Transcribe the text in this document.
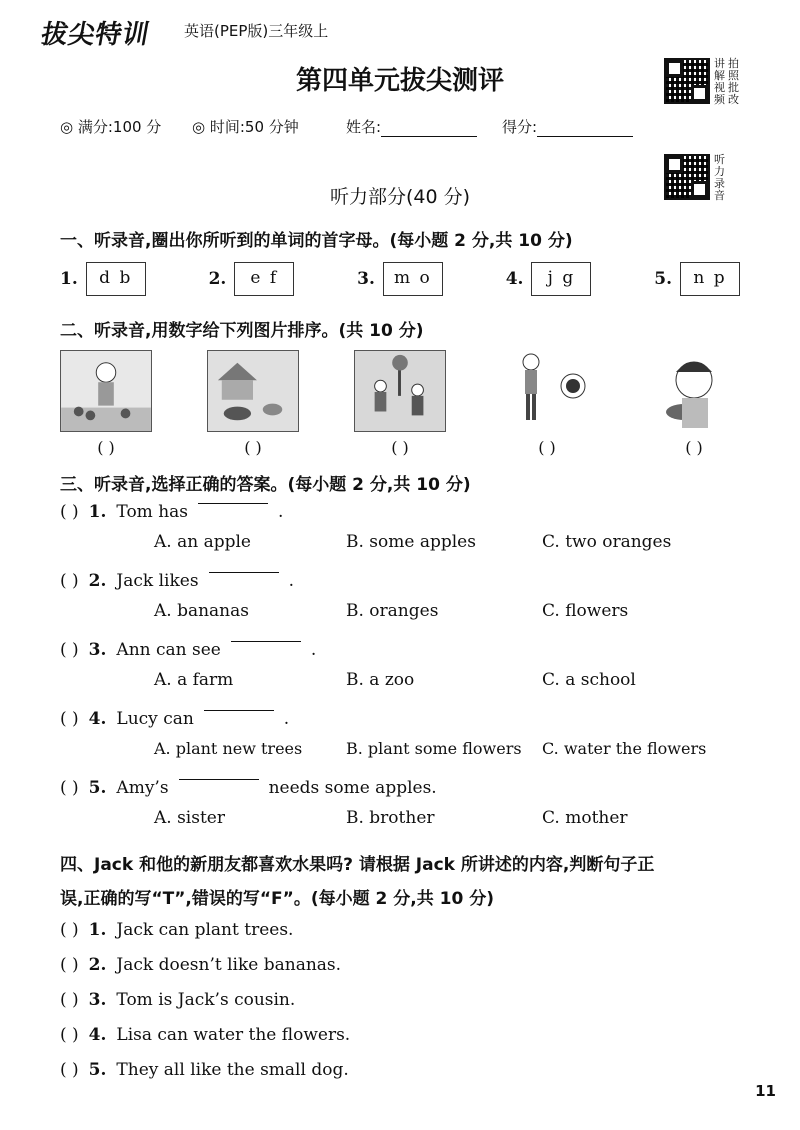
拔尖特训 英语(PEP版)三年级上
讲
解
视
频
拍
照
批
改
第四单元拔尖测评
◎ 满分:100 分 ◎ 时间:50 分钟	姓名:	得分:
听
力
录
音
听力部分(40 分)
一、听录音,圈出你所听到的单词的首字母。(每小题 2 分,共 10 分)
1.	d b	2.	e f	3.	m o	4.	j g	5.	n p
二、听录音,用数字给下列图片排序。(共 10 分)
( )	( )	( )	( )	( )
三、听录音,选择正确的答案。(每小题 2 分,共 10 分)
( ) 1. Tom has	.
A. an apple	B. some apples	C. two oranges
( ) 2. Jack likes	.
A. bananas	B. oranges	C. flowers
( ) 3. Ann can see	.
A. a farm	B. a zoo	C. a school
( ) 4. Lucy can	.
A. plant new trees	B. plant some flowers	C. water the flowers
( ) 5. Amy’s	needs some apples.
A. sister	B. brother	C. mother
四、Jack 和他的新朋友都喜欢水果吗? 请根据 Jack 所讲述的内容,判断句子正
误,正确的写“T”,错误的写“F”。(每小题 2 分,共 10 分)
( ) 1. Jack can plant trees.
( ) 2. Jack doesn’t like bananas.
( ) 3. Tom is Jack’s cousin.
( ) 4. Lisa can water the flowers.
( ) 5. They all like the small dog.
11
